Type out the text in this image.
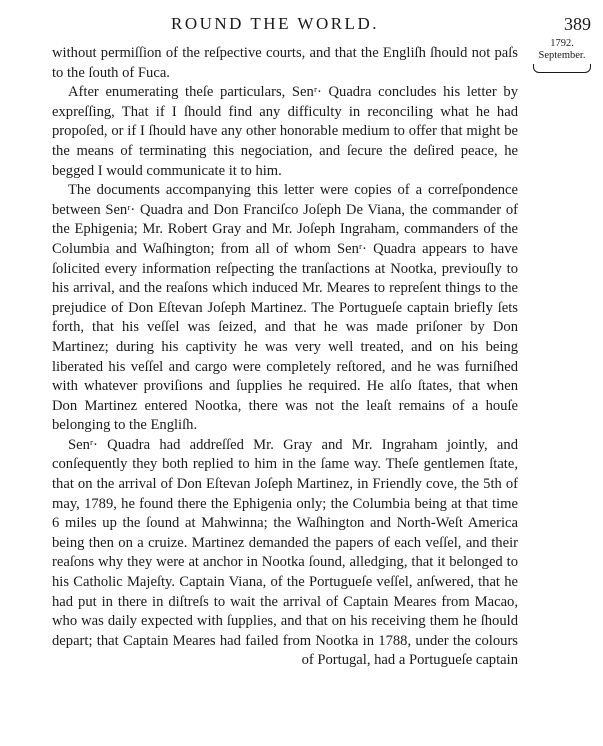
ROUND THE WORLD.	389
1792.
September.

without permiſſion of the reſpective courts, and that the Engliſh ſhould not paſs to the ſouth of Fuca.

After enumerating theſe particulars, Senʳ· Quadra concludes his letter by expreſſing, That if I ſhould find any difficulty in reconciling what he had propoſed, or if I ſhould have any other honorable medium to offer that might be the means of terminating this negociation, and ſecure the deſired peace, he begged I would communicate it to him.

The documents accompanying this letter were copies of a correſpondence between Senʳ· Quadra and Don Franciſco Joſeph De Viana, the commander of the Ephigenia; Mr. Robert Gray and Mr. Joſeph Ingraham, commanders of the Columbia and Waſhington; from all of whom Senʳ· Quadra appears to have ſolicited every information reſpecting the tranſactions at Nootka, previouſly to his arrival, and the reaſons which induced Mr. Meares to repreſent things to the prejudice of Don Eſtevan Joſeph Martinez. The Portugueſe captain briefly ſets forth, that his veſſel was ſeized, and that he was made priſoner by Don Martinez; during his captivity he was very well treated, and on his being liberated his veſſel and cargo were completely reſtored, and he was furniſhed with whatever proviſions and ſupplies he required. He alſo ſtates, that when Don Martinez entered Nootka, there was not the leaſt remains of a houſe belonging to the Engliſh.

Senʳ· Quadra had addreſſed Mr. Gray and Mr. Ingraham jointly, and conſequently they both replied to him in the ſame way. Theſe gentlemen ſtate, that on the arrival of Don Eſtevan Joſeph Martinez, in Friendly cove, the 5th of may, 1789, he found there the Ephigenia only; the Columbia being at that time 6 miles up the ſound at Mahwinna; the Waſhington and North-Weſt America being then on a cruize. Martinez demanded the papers of each veſſel, and their reaſons why they were at anchor in Nootka ſound, alledging, that it belonged to his Catholic Majeſty. Captain Viana, of the Portugueſe veſſel, anſwered, that he had put in there in diſtreſs to wait the arrival of Captain Meares from Macao, who was daily expected with ſupplies, and that on his receiving them he ſhould depart; that Captain Meares had failed from Nootka in 1788, under the colours of Portugal, had a Portugueſe captain
